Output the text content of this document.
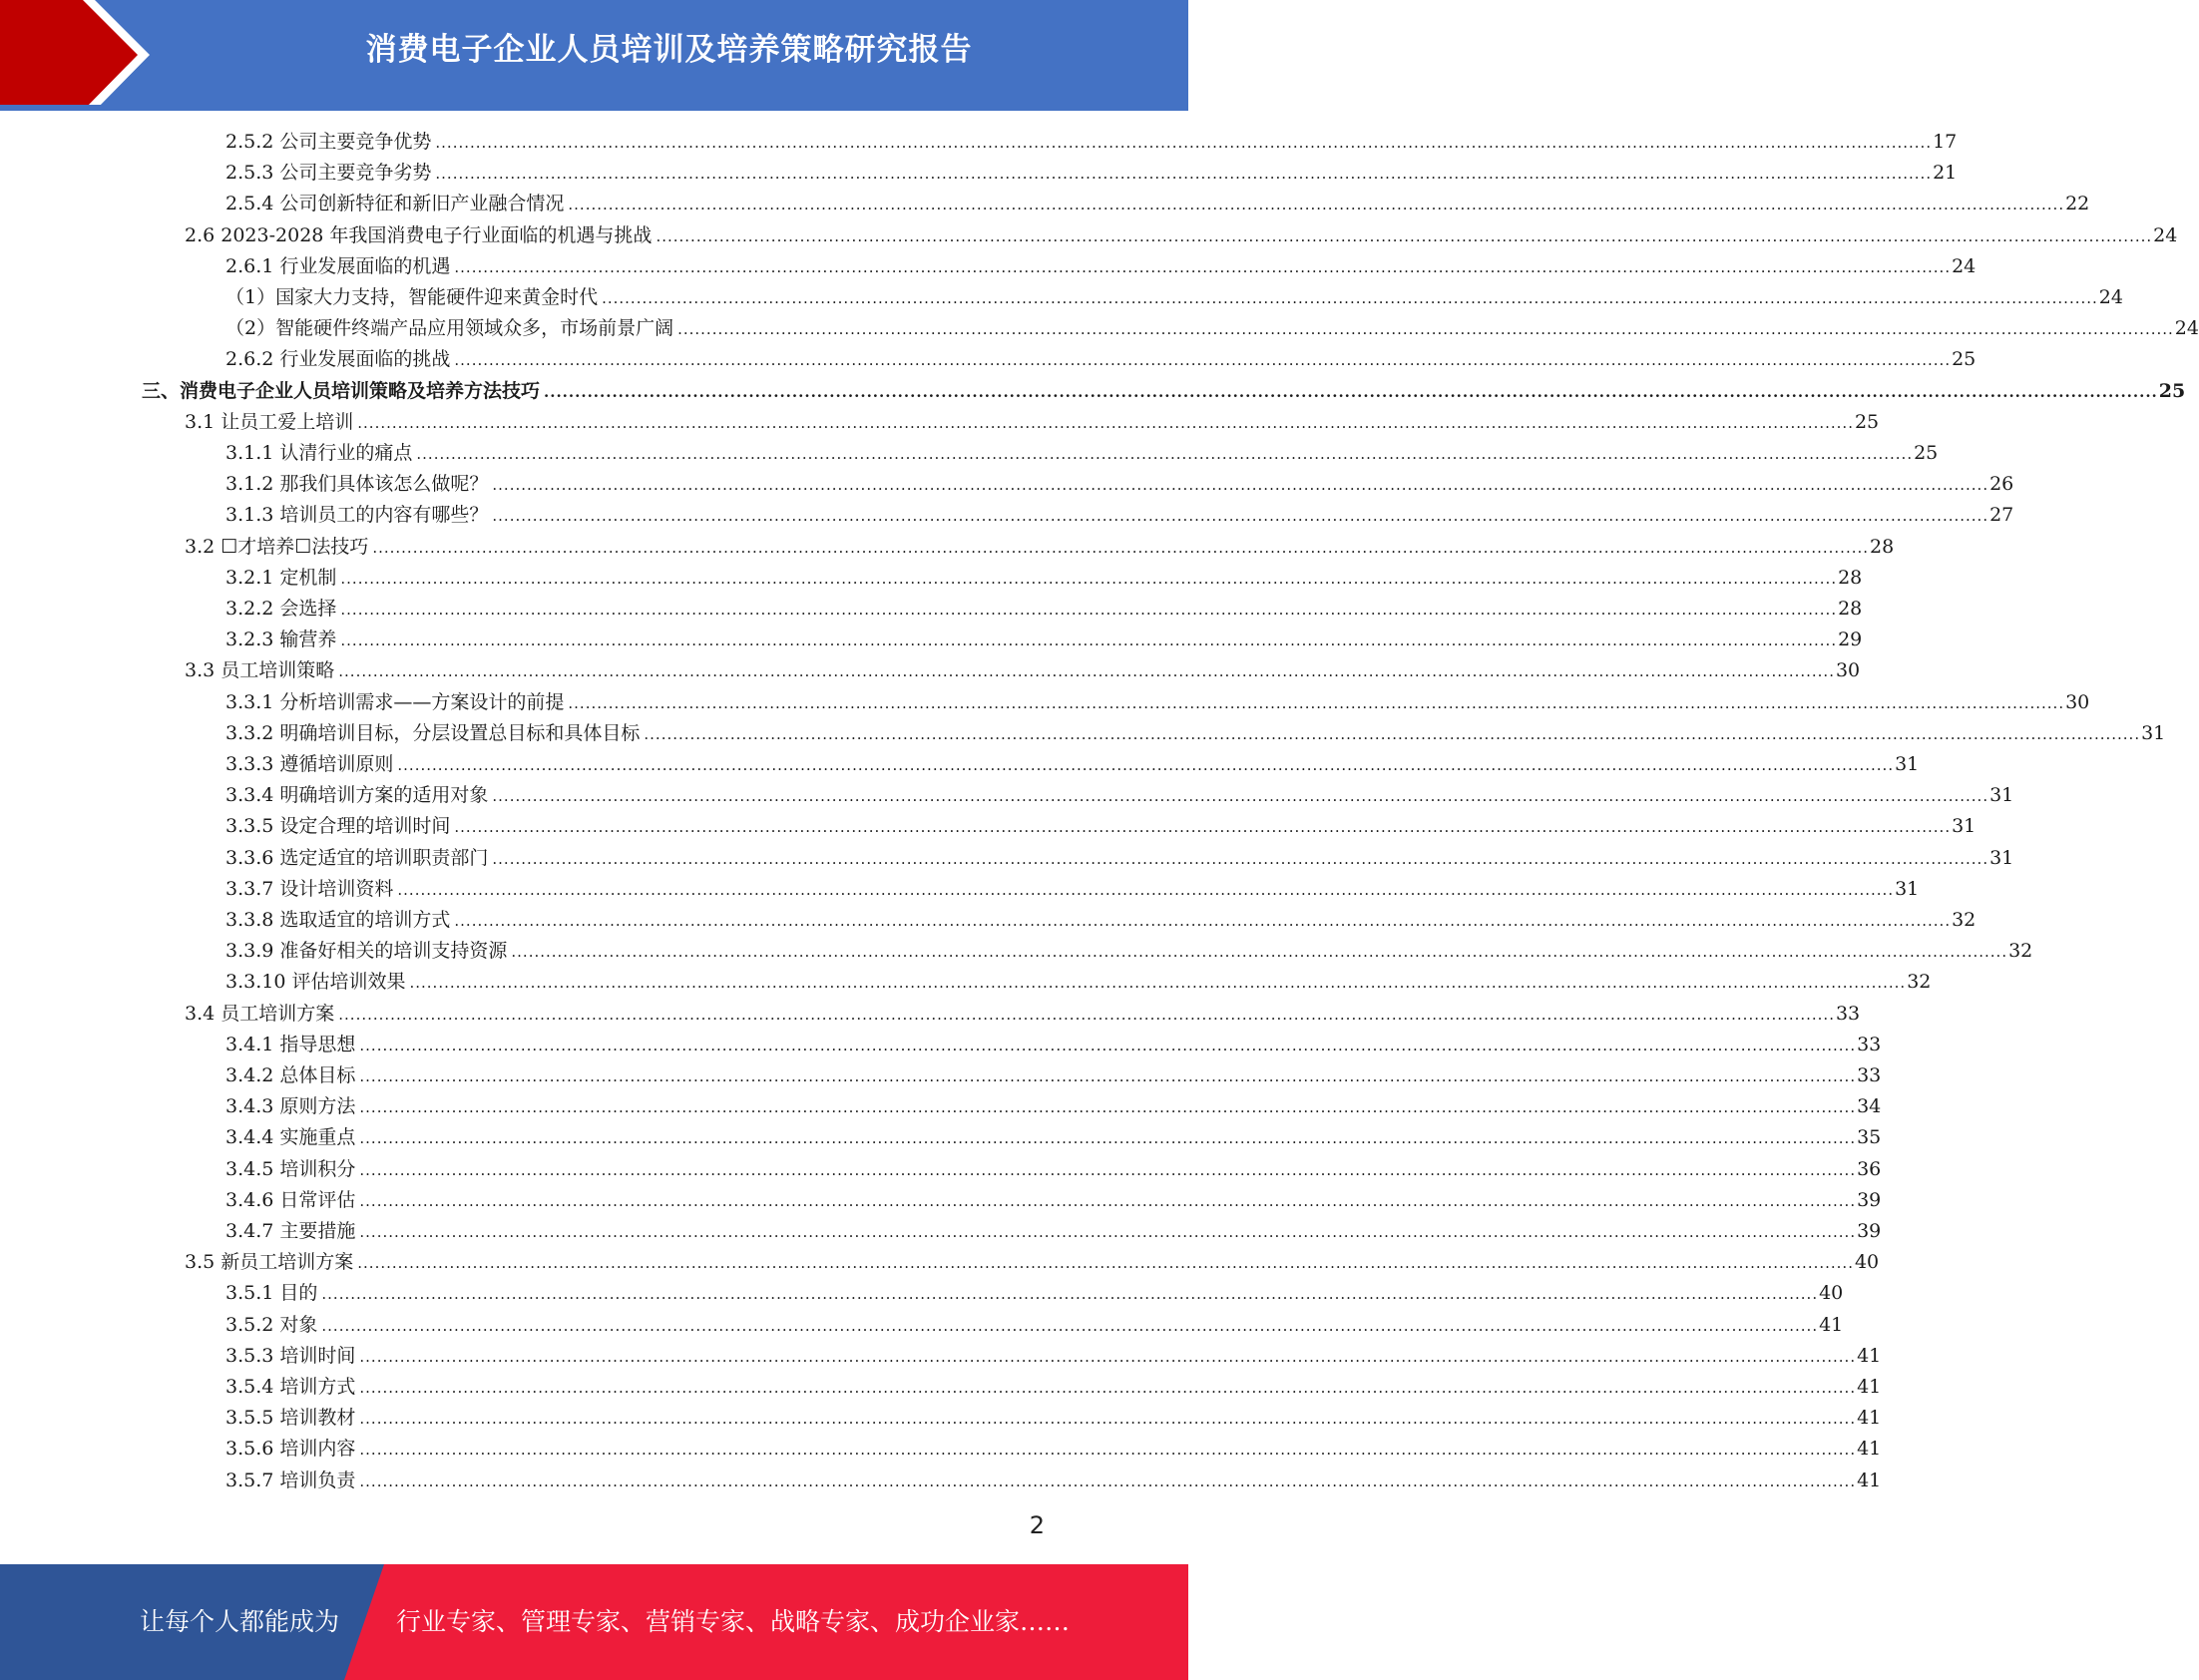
消费电子企业人员培训及培养策略研究报告
2.5.2 公司主要竞争优势 .................................................................................................................................................................................................................................................................... 17
2.5.3 公司主要竞争劣势 .................................................................................................................................................................................................................................................................... 21
2.5.4 公司创新特征和新旧产业融合情况 .................................................................................................................................................................................................................................................................... 22
2.6 2023-2028 年我国消费电子行业面临的机遇与挑战 .................................................................................................................................................................................................................................................................... 24
2.6.1 行业发展面临的机遇 .................................................................................................................................................................................................................................................................... 24
（1）国家大力支持，智能硬件迎来黄金时代 .................................................................................................................................................................................................................................................................... 24
（2）智能硬件终端产品应用领域众多，市场前景广阔 .................................................................................................................................................................................................................................................................... 24
2.6.2 行业发展面临的挑战 .................................................................................................................................................................................................................................................................... 25
三、消费电子企业人员培训策略及培养方法技巧 .................................................................................................................................................................................................................................................................... 25
3.1 让员工爱上培训 .................................................................................................................................................................................................................................................................... 25
3.1.1 认清行业的痛点 .................................................................................................................................................................................................................................................................... 25
3.1.2 那我们具体该怎么做呢？ .................................................................................................................................................................................................................................................................... 26
3.1.3 培训员工的内容有哪些？ .................................................................................................................................................................................................................................................................... 27
3.2 ☐才培养☐法技巧 .................................................................................................................................................................................................................................................................... 28
3.2.1 定机制 .................................................................................................................................................................................................................................................................... 28
3.2.2 会选择 .................................................................................................................................................................................................................................................................... 28
3.2.3 输营养 .................................................................................................................................................................................................................................................................... 29
3.3 员工培训策略 .................................................................................................................................................................................................................................................................... 30
3.3.1 分析培训需求——方案设计的前提 .................................................................................................................................................................................................................................................................... 30
3.3.2 明确培训目标，分层设置总目标和具体目标 .................................................................................................................................................................................................................................................................... 31
3.3.3 遵循培训原则 .................................................................................................................................................................................................................................................................... 31
3.3.4 明确培训方案的适用对象 .................................................................................................................................................................................................................................................................... 31
3.3.5 设定合理的培训时间 .................................................................................................................................................................................................................................................................... 31
3.3.6 选定适宜的培训职责部门 .................................................................................................................................................................................................................................................................... 31
3.3.7 设计培训资料 .................................................................................................................................................................................................................................................................... 31
3.3.8 选取适宜的培训方式 .................................................................................................................................................................................................................................................................... 32
3.3.9 准备好相关的培训支持资源 .................................................................................................................................................................................................................................................................... 32
3.3.10 评估培训效果 .................................................................................................................................................................................................................................................................... 32
3.4 员工培训方案 .................................................................................................................................................................................................................................................................... 33
3.4.1 指导思想 .................................................................................................................................................................................................................................................................... 33
3.4.2 总体目标 .................................................................................................................................................................................................................................................................... 33
3.4.3 原则方法 .................................................................................................................................................................................................................................................................... 34
3.4.4 实施重点 .................................................................................................................................................................................................................................................................... 35
3.4.5 培训积分 .................................................................................................................................................................................................................................................................... 36
3.4.6 日常评估 .................................................................................................................................................................................................................................................................... 39
3.4.7 主要措施 .................................................................................................................................................................................................................................................................... 39
3.5 新员工培训方案 .................................................................................................................................................................................................................................................................... 40
3.5.1 目的 .................................................................................................................................................................................................................................................................... 40
3.5.2 对象 .................................................................................................................................................................................................................................................................... 41
3.5.3 培训时间 .................................................................................................................................................................................................................................................................... 41
3.5.4 培训方式 .................................................................................................................................................................................................................................................................... 41
3.5.5 培训教材 .................................................................................................................................................................................................................................................................... 41
3.5.6 培训内容 .................................................................................................................................................................................................................................................................... 41
3.5.7 培训负责 .................................................................................................................................................................................................................................................................... 41
2
让每个人都能成为 行业专家、管理专家、营销专家、战略专家、成功企业家……
